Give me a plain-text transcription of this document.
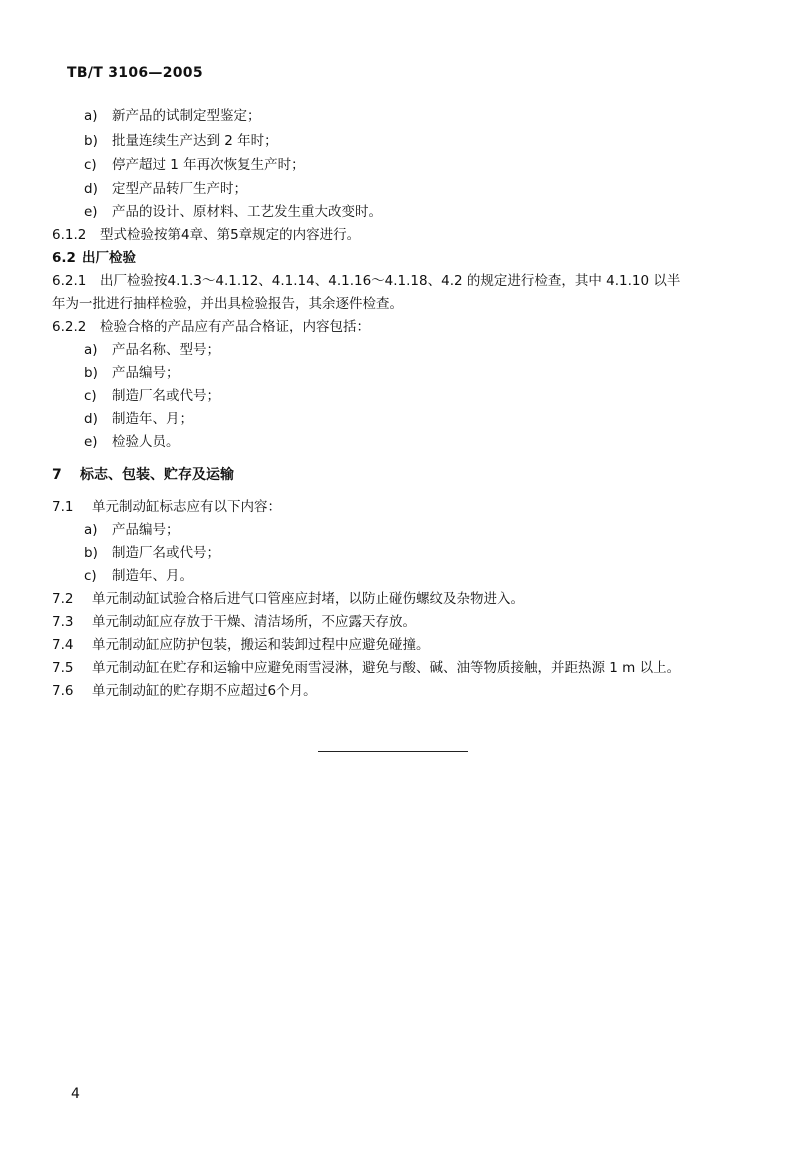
TB/T 3106—2005
a) 新产品的试制定型鉴定；
b) 批量连续生产达到 2 年时；
c) 停产超过 1 年再次恢复生产时；
d) 定型产品转厂生产时；
e) 产品的设计、原材料、工艺发生重大改变时。
6.1.2 型式检验按第4章、第5章规定的内容进行。
6.2 出厂检验
6.2.1 出厂检验按4.1.3～4.1.12、4.1.14、4.1.16～4.1.18、4.2 的规定进行检查，其中 4.1.10 以半
年为一批进行抽样检验，并出具检验报告，其余逐件检查。
6.2.2 检验合格的产品应有产品合格证，内容包括：
a) 产品名称、型号；
b) 产品编号；
c) 制造厂名或代号；
d) 制造年、月；
e) 检验人员。
7 标志、包装、贮存及运输
7.1 单元制动缸标志应有以下内容：
a) 产品编号；
b) 制造厂名或代号；
c) 制造年、月。
7.2 单元制动缸试验合格后进气口管座应封堵，以防止碰伤螺纹及杂物进入。
7.3 单元制动缸应存放于干燥、清洁场所，不应露天存放。
7.4 单元制动缸应防护包装，搬运和装卸过程中应避免碰撞。
7.5 单元制动缸在贮存和运输中应避免雨雪浸淋，避免与酸、碱、油等物质接触，并距热源 1 m 以上。
7.6 单元制动缸的贮存期不应超过6个月。
4
